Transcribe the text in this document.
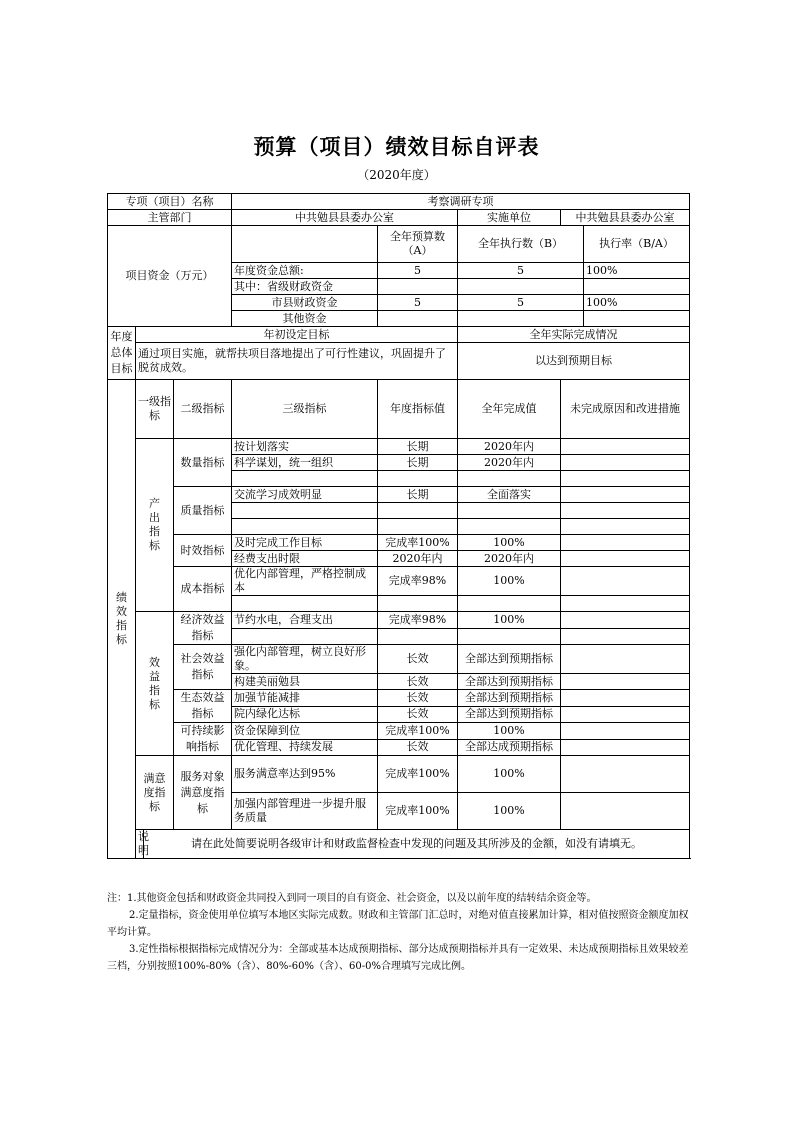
预算（项目）绩效目标自评表
（2020年度）
专项（项目）名称				考察调研专项				
主管部门				中共勉县县委办公室		实施单位	中共勉县县委办公室	
项目资金（万元）					全年预算数（A）	全年执行数（B）		执行率（B/A）
				年度资金总额:	5	5		100%
				其中：省级财政资金				
				市县财政资金	5	5		100%
				其他资金				
年度总体目标	年初设定目标					全年实际完成情况		
	通过项目实施，就帮扶项目落地提出了可行性建议，巩固提升了脱贫成效。					以达到预期目标		
绩效指标	一级指标		二级指标	三级指标	年度指标值	全年完成值	未完成原因和改进措施	
	产出指标		数量指标	按计划落实	长期	2020年内		
				科学谋划，统一组织	长期	2020年内		

			质量指标	交流学习成效明显	长期	全面落实		

			时效指标	及时完成工作目标	完成率100%	100%		
				经费支出时限	2020年内	2020年内		
			成本指标	优化内部管理，严格控制成本	完成率98%	100%		

	效益指标		经济效益指标	节约水电，合理支出	完成率98%	100%		

			社会效益指标	强化内部管理，树立良好形象。	长效	全部达到预期指标		
				构建美丽勉县	长效	全部达到预期指标		
			生态效益指标	加强节能减排	长效	全部达到预期指标		
				院内绿化达标	长效	全部达到预期指标		
			可持续影响指标	资金保障到位	完成率100%	100%		
				优化管理、持续发展	长效	全部达成预期指标		
	满意度指标		服务对象满意度指标	服务满意率达到95%	完成率100%	100%		
				加强内部管理进一步提升服务质量	完成率100%	100%		
	说明	请在此处简要说明各级审计和财政监督检查中发现的问题及其所涉及的金额，如没有请填无。						

注：1.其他资金包括和财政资金共同投入到同一项目的自有资金、社会资金，以及以前年度的结转结余资金等。

2.定量指标，资金使用单位填写本地区实际完成数。财政和主管部门汇总时，对绝对值直接累加计算，相对值按照资金额度加权平均计算。

3.定性指标根据指标完成情况分为：全部或基本达成预期指标、部分达成预期指标并具有一定效果、未达成预期指标且效果较差三档，分别按照100%-80%（含）、80%-60%（含）、60-0%合理填写完成比例。
